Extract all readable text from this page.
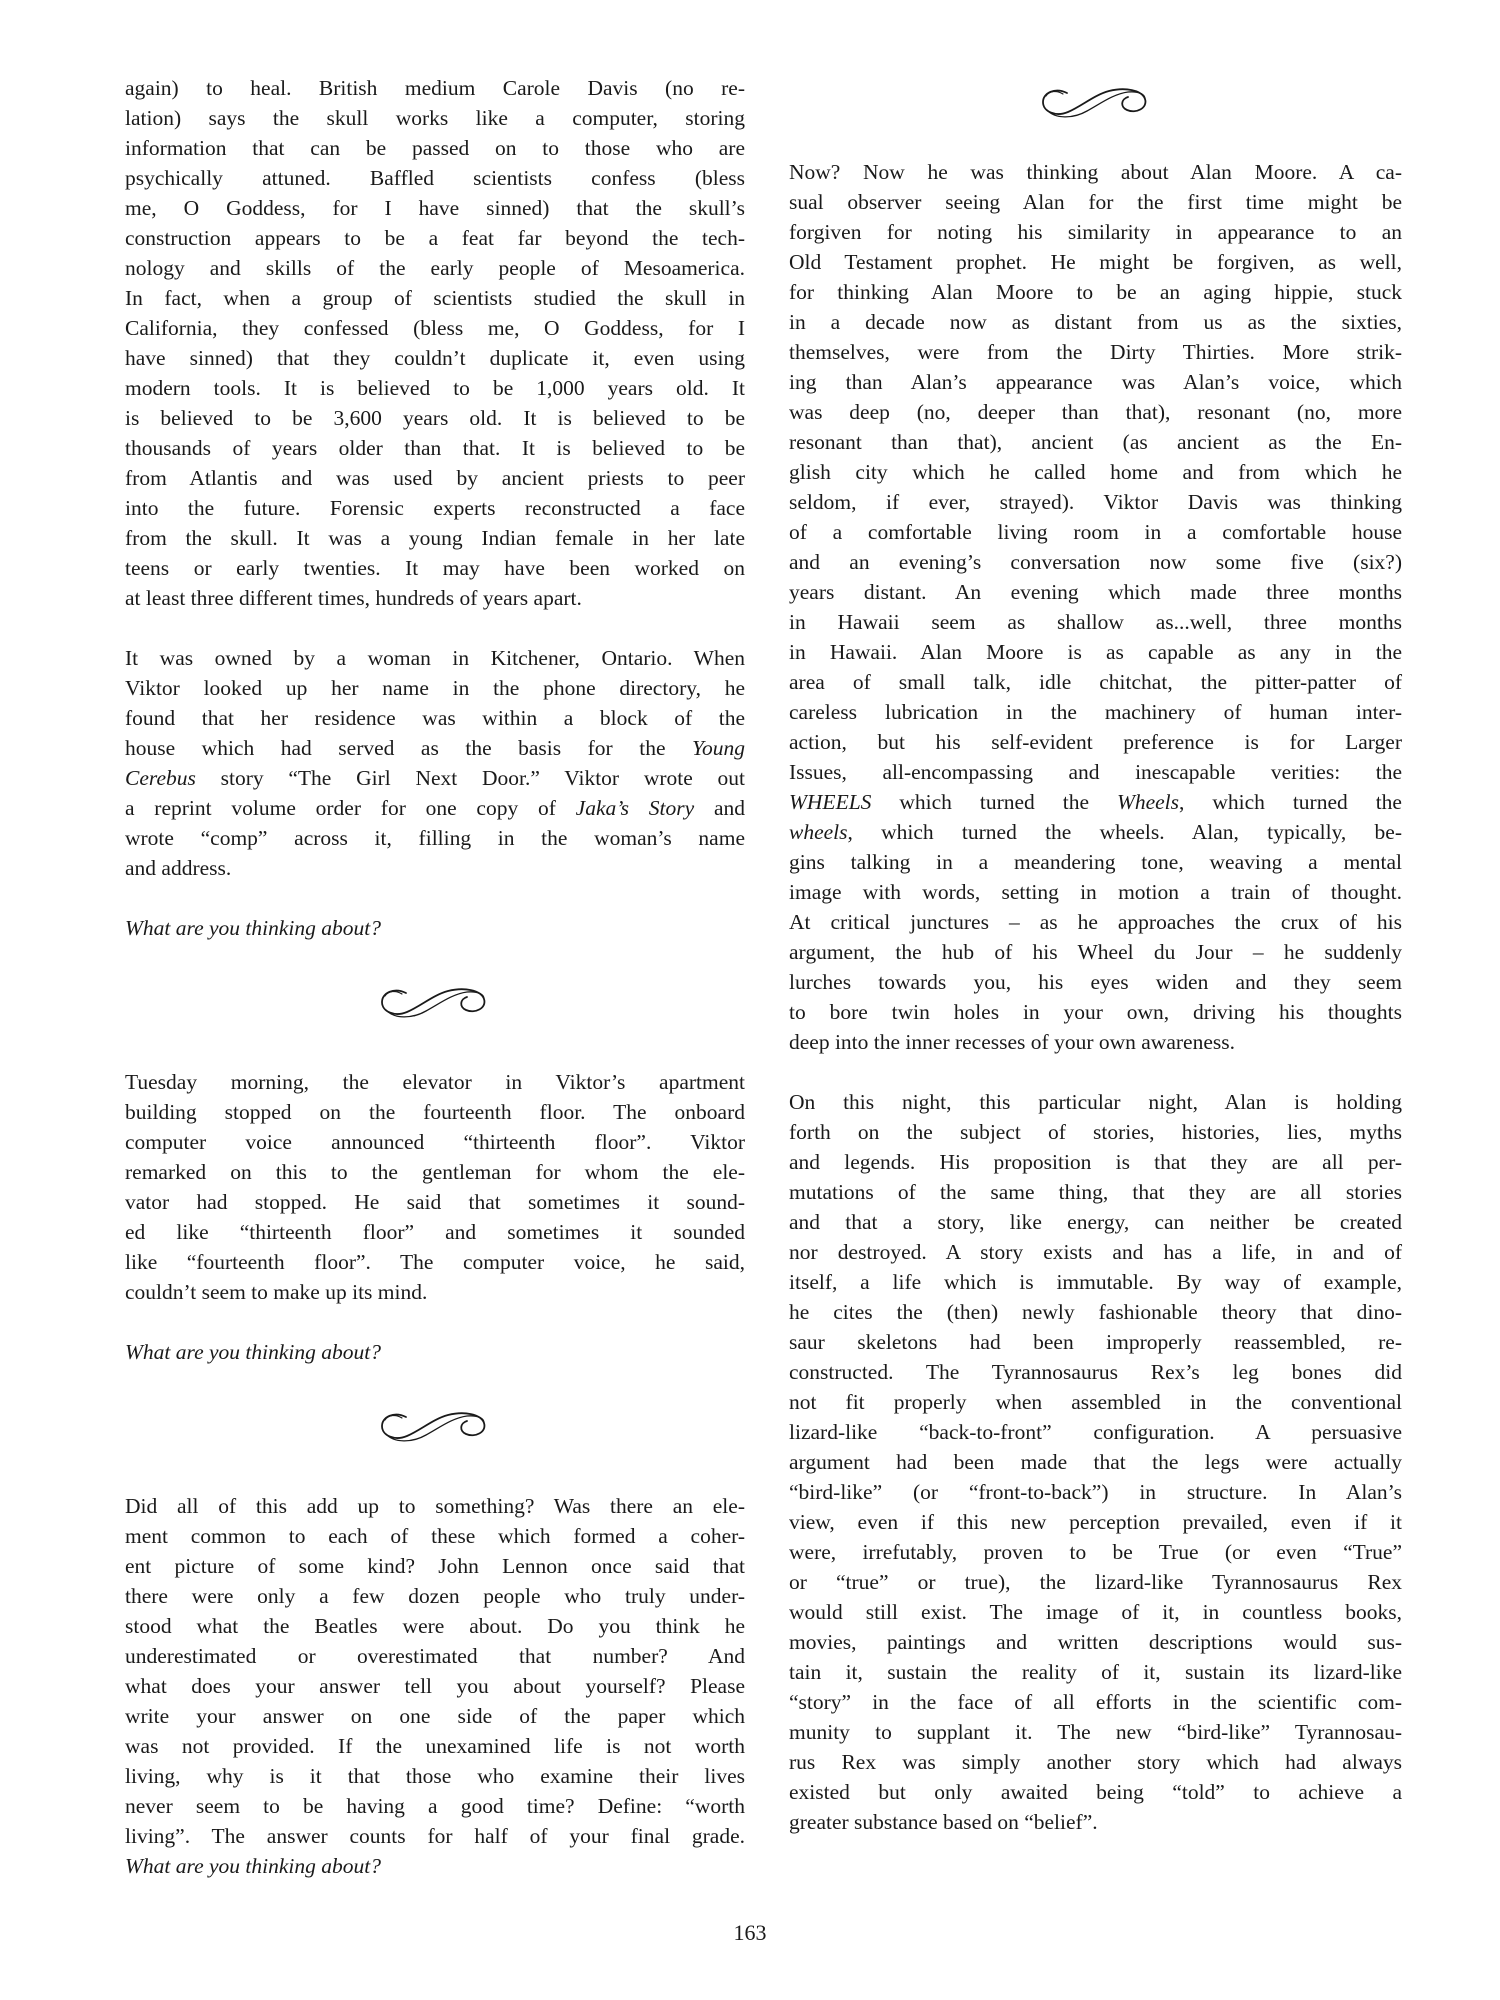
again) to heal. British medium Carole Davis (no re-
lation) says the skull works like a computer, storing
information that can be passed on to those who are
psychically attuned. Baffled scientists confess (bless
me, O Goddess, for I have sinned) that the skull’s
construction appears to be a feat far beyond the tech-
nology and skills of the early people of Mesoamerica.
In fact, when a group of scientists studied the skull in
California, they confessed (bless me, O Goddess, for I
have sinned) that they couldn’t duplicate it, even using
modern tools. It is believed to be 1,000 years old. It
is believed to be 3,600 years old. It is believed to be
thousands of years older than that. It is believed to be
from Atlantis and was used by ancient priests to peer
into the future. Forensic experts reconstructed a face
from the skull. It was a young Indian female in her late
teens or early twenties. It may have been worked on
at least three different times, hundreds of years apart.
It was owned by a woman in Kitchener, Ontario. When
Viktor looked up her name in the phone directory, he
found that her residence was within a block of the
house which had served as the basis for the Young
Cerebus story “The Girl Next Door.” Viktor wrote out
a reprint volume order for one copy of Jaka’s Story and
wrote “comp” across it, filling in the woman’s name
and address.
What are you thinking about?
Tuesday morning, the elevator in Viktor’s apartment
building stopped on the fourteenth floor. The onboard
computer voice announced “thirteenth floor”. Viktor
remarked on this to the gentleman for whom the ele-
vator had stopped. He said that sometimes it sound-
ed like “thirteenth floor” and sometimes it sounded
like “fourteenth floor”. The computer voice, he said,
couldn’t seem to make up its mind.
What are you thinking about?
Did all of this add up to something? Was there an ele-
ment common to each of these which formed a coher-
ent picture of some kind? John Lennon once said that
there were only a few dozen people who truly under-
stood what the Beatles were about. Do you think he
underestimated or overestimated that number? And
what does your answer tell you about yourself? Please
write your answer on one side of the paper which
was not provided. If the unexamined life is not worth
living, why is it that those who examine their lives
never seem to be having a good time? Define: “worth
living”. The answer counts for half of your final grade.
What are you thinking about?
Now? Now he was thinking about Alan Moore. A ca-
sual observer seeing Alan for the first time might be
forgiven for noting his similarity in appearance to an
Old Testament prophet. He might be forgiven, as well,
for thinking Alan Moore to be an aging hippie, stuck
in a decade now as distant from us as the sixties,
themselves, were from the Dirty Thirties. More strik-
ing than Alan’s appearance was Alan’s voice, which
was deep (no, deeper than that), resonant (no, more
resonant than that), ancient (as ancient as the En-
glish city which he called home and from which he
seldom, if ever, strayed). Viktor Davis was thinking
of a comfortable living room in a comfortable house
and an evening’s conversation now some five (six?)
years distant. An evening which made three months
in Hawaii seem as shallow as...well, three months
in Hawaii. Alan Moore is as capable as any in the
area of small talk, idle chitchat, the pitter-patter of
careless lubrication in the machinery of human inter-
action, but his self-evident preference is for Larger
Issues, all-encompassing and inescapable verities: the
WHEELS which turned the Wheels, which turned the
wheels, which turned the wheels. Alan, typically, be-
gins talking in a meandering tone, weaving a mental
image with words, setting in motion a train of thought.
At critical junctures – as he approaches the crux of his
argument, the hub of his Wheel du Jour – he suddenly
lurches towards you, his eyes widen and they seem
to bore twin holes in your own, driving his thoughts
deep into the inner recesses of your own awareness.
On this night, this particular night, Alan is holding
forth on the subject of stories, histories, lies, myths
and legends. His proposition is that they are all per-
mutations of the same thing, that they are all stories
and that a story, like energy, can neither be created
nor destroyed. A story exists and has a life, in and of
itself, a life which is immutable. By way of example,
he cites the (then) newly fashionable theory that dino-
saur skeletons had been improperly reassembled, re-
constructed. The Tyrannosaurus Rex’s leg bones did
not fit properly when assembled in the conventional
lizard-like “back-to-front” configuration. A persuasive
argument had been made that the legs were actually
“bird-like” (or “front-to-back”) in structure. In Alan’s
view, even if this new perception prevailed, even if it
were, irrefutably, proven to be True (or even “True”
or “true” or true), the lizard-like Tyrannosaurus Rex
would still exist. The image of it, in countless books,
movies, paintings and written descriptions would sus-
tain it, sustain the reality of it, sustain its lizard-like
“story” in the face of all efforts in the scientific com-
munity to supplant it. The new “bird-like” Tyrannosau-
rus Rex was simply another story which had always
existed but only awaited being “told” to achieve a
greater substance based on “belief”.
163
